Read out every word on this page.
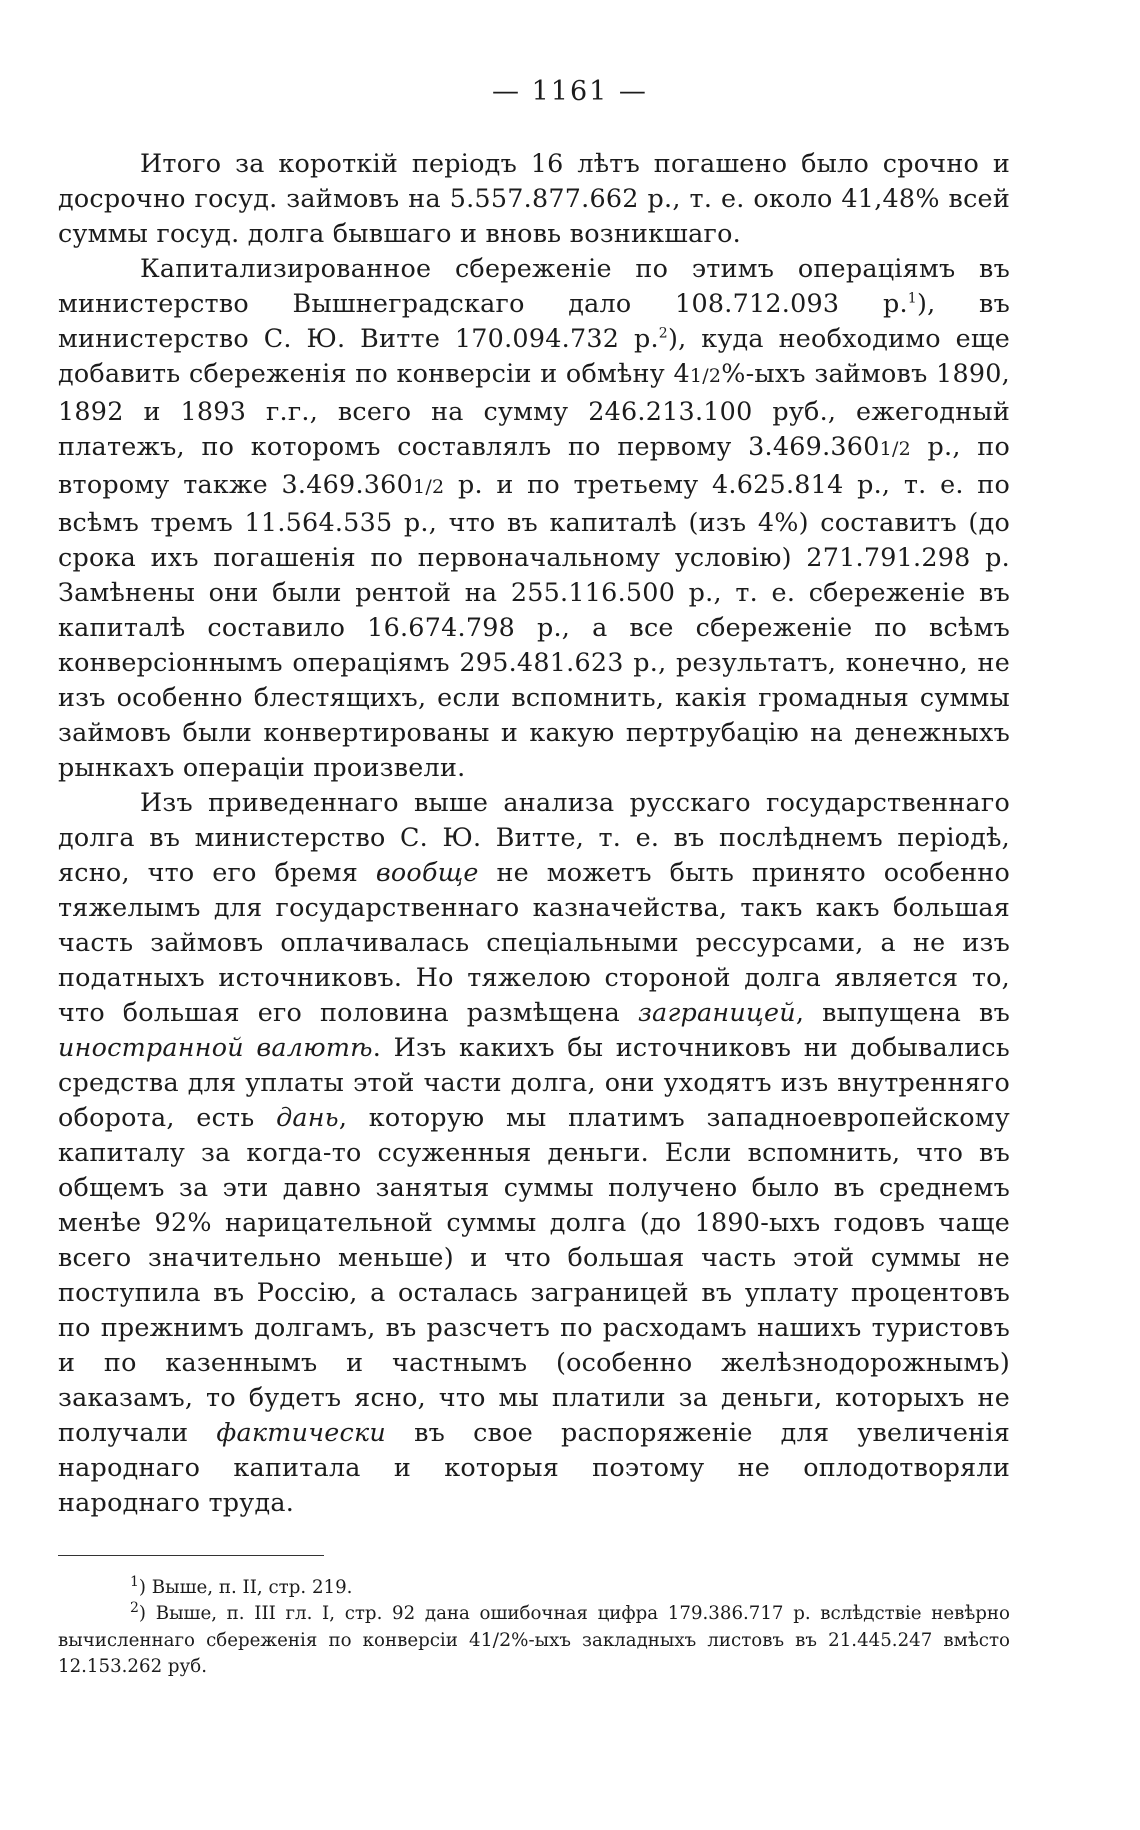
— 1161 —

Итого за короткій періодъ 16 лѣтъ погашено было срочно и досрочно госуд. займовъ на 5.557.877.662 р., т. е. около 41,48% всей суммы госуд. долга бывшаго и вновь возникшаго.

Капитализированное сбереженіе по этимъ операціямъ въ министерство Вышнеградскаго дало 108.712.093 р.$^1$), въ министерство С. Ю. Витте 170.094.732 р.$^2$), куда необходимо еще добавить сбереженія по конверсіи и обмѣну 41/2%-ыхъ займовъ 1890, 1892 и 1893 г.г., всего на сумму 246.213.100 руб., ежегодный платежъ, по которомъ составлялъ по первому 3.469.3601/2 р., по второму также 3.469.3601/2 р. и по третьему 4.625.814 р., т. е. по всѣмъ тремъ 11.564.535 р., что въ капиталѣ (изъ 4%) составитъ (до срока ихъ погашенія по первоначальному условію) 271.791.298 р. Замѣнены они были рентой на 255.116.500 р., т. е. сбереженіе въ капиталѣ составило 16.674.798 р., а все сбереженіе по всѣмъ конверсіоннымъ операціямъ 295.481.623 р., результатъ, конечно, не изъ особенно блестящихъ, если вспомнить, какія громадныя суммы займовъ были конвертированы и какую пертрубацію на денежныхъ рынкахъ операціи произвели.

Изъ приведеннаго выше анализа русскаго государственнаго долга въ министерство С. Ю. Витте, т. е. въ послѣднемъ періодѣ, ясно, что его бремя вообще не можетъ быть принято особенно тяжелымъ для государственнаго казначейства, такъ какъ большая часть займовъ оплачивалась спеціальными рессурсами, а не изъ податныхъ источниковъ. Но тяжелою стороной долга является то, что большая его половина размѣщена заграницей, выпущена въ иностранной валютѣ. Изъ какихъ бы источниковъ ни добывались средства для уплаты этой части долга, они уходятъ изъ внутренняго оборота, есть дань, которую мы платимъ западноевропейскому капиталу за когда-то ссуженныя деньги. Если вспомнить, что въ общемъ за эти давно занятыя суммы получено было въ среднемъ менѣе 92% нарицательной суммы долга (до 1890-ыхъ годовъ чаще всего значительно меньше) и что большая часть этой суммы не поступила въ Россію, а осталась заграницей въ уплату процентовъ по прежнимъ долгамъ, въ разсчетъ по расходамъ нашихъ туристовъ и по казеннымъ и частнымъ (особенно желѣзнодорожнымъ) заказамъ, то будетъ ясно, что мы платили за деньги, которыхъ не получали фактически въ свое распоряженіе для увеличенія народнаго капитала и которыя поэтому не оплодотворяли народнаго труда.

$^1$) Выше, п. II, стр. 219.

$^2$) Выше, п. III гл. I, стр. 92 дана ошибочная цифра 179.386.717 р. вслѣдствіе невѣрно вычисленнаго сбереженія по конверсіи 41/2%-ыхъ закладныхъ листовъ въ 21.445.247 вмѣсто 12.153.262 руб.
